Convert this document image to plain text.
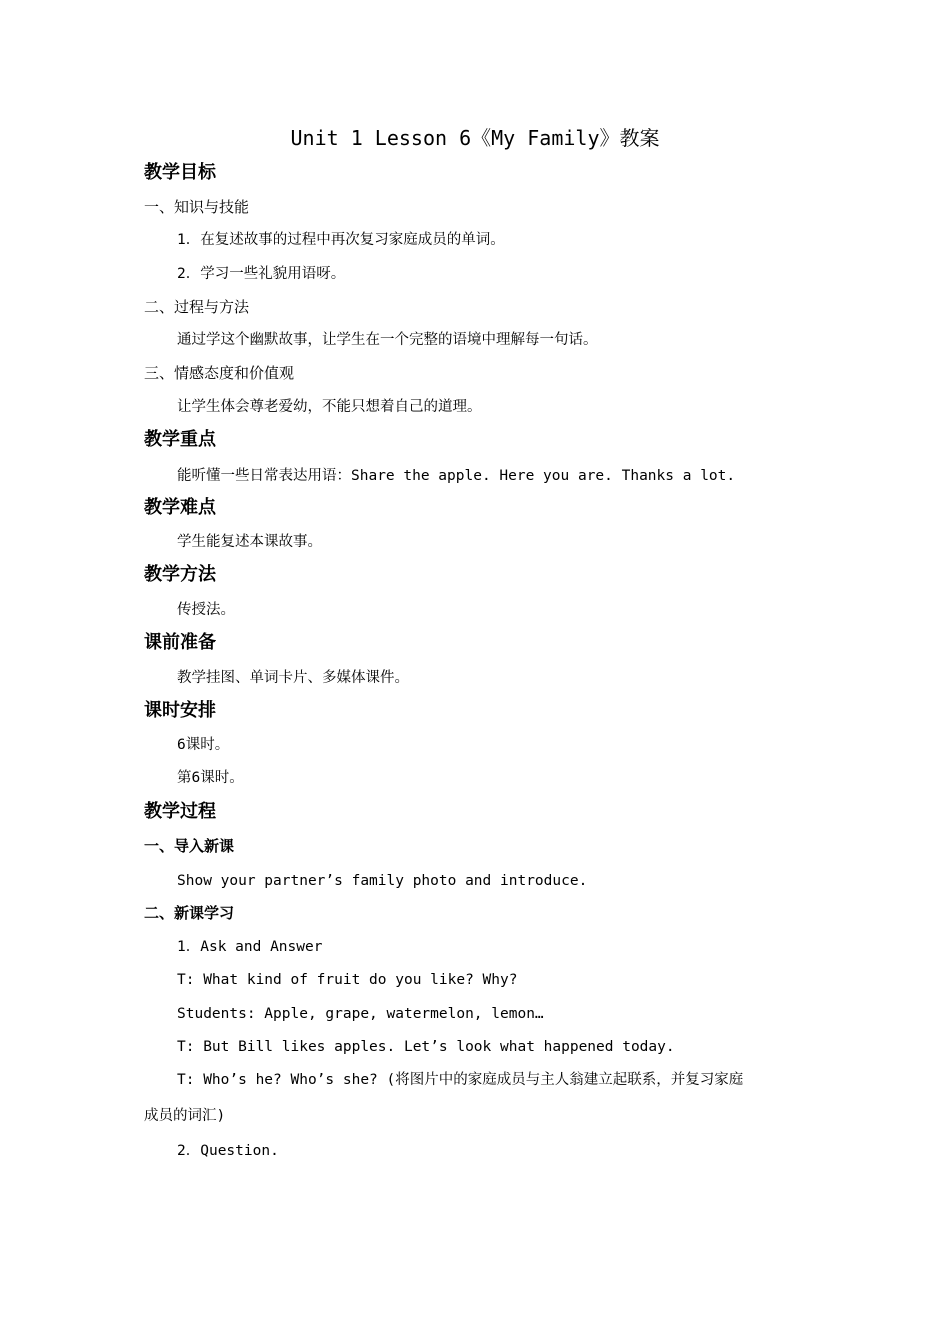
Unit 1 Lesson 6《My Family》教案
教学目标
一、知识与技能
1．在复述故事的过程中再次复习家庭成员的单词。
2．学习一些礼貌用语呀。
二、过程与方法
通过学这个幽默故事，让学生在一个完整的语境中理解每一句话。
三、情感态度和价值观
让学生体会尊老爱幼，不能只想着自己的道理。
教学重点
能听懂一些日常表达用语：Share the apple. Here you are. Thanks a lot.
教学难点
学生能复述本课故事。
教学方法
传授法。
课前准备
教学挂图、单词卡片、多媒体课件。
课时安排
6课时。
第6课时。
教学过程
一、导入新课
Show your partner’s family photo and introduce.
二、新课学习
1．Ask and Answer
T: What kind of fruit do you like? Why?
Students: Apple, grape, watermelon, lemon…
T: But Bill likes apples. Let’s look what happened today.
T: Who’s he? Who’s she? (将图片中的家庭成员与主人翁建立起联系，并复习家庭
成员的词汇)
2．Question.
